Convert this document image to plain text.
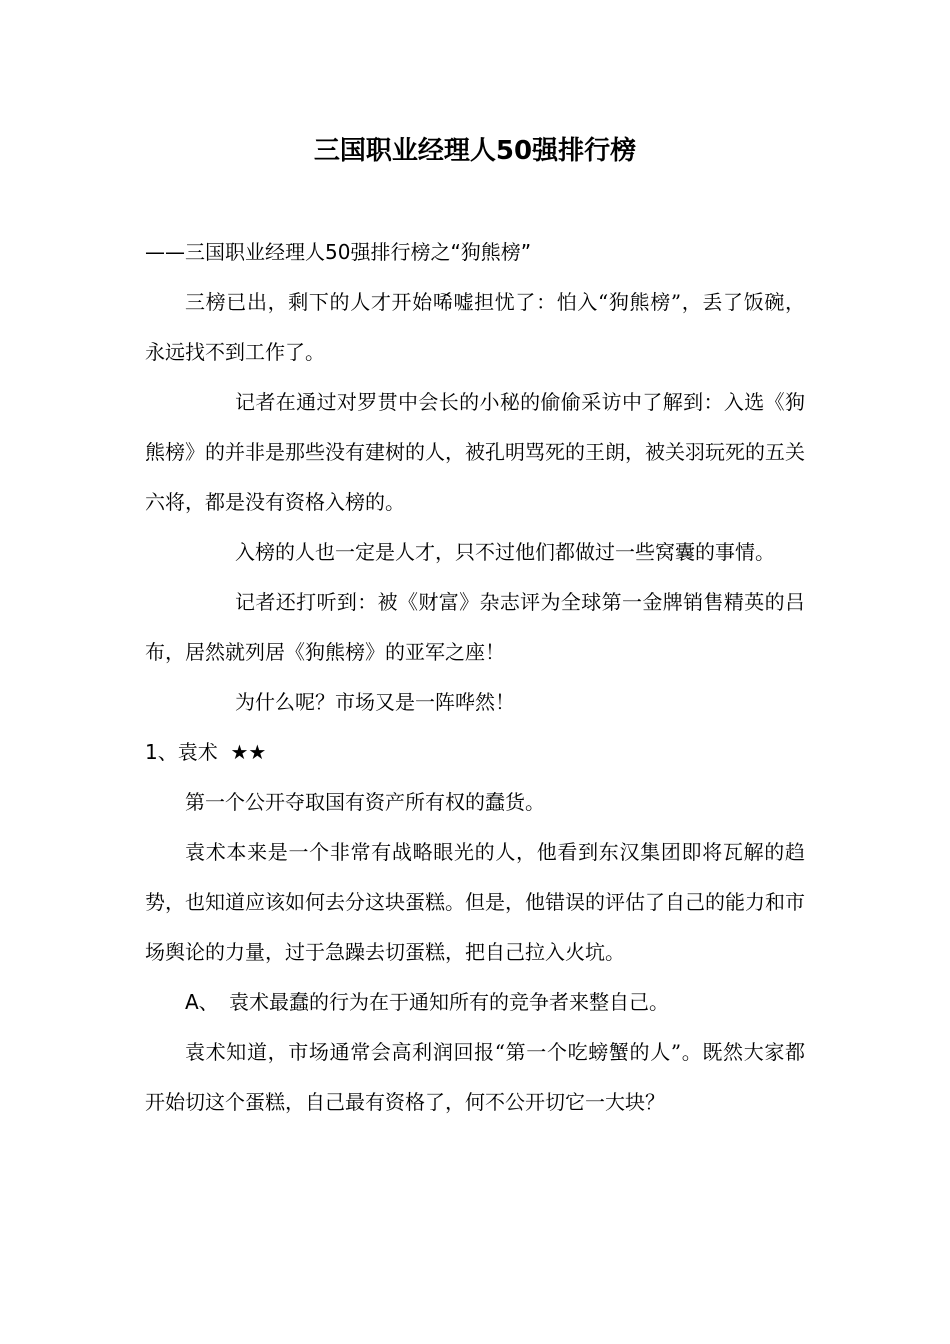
三国职业经理人50强排行榜

——三国职业经理人50强排行榜之“狗熊榜”

三榜已出，剩下的人才开始唏嘘担忧了：怕入“狗熊榜”，丢了饭碗，永远找不到工作了。

记者在通过对罗贯中会长的小秘的偷偷采访中了解到：入选《狗熊榜》的并非是那些没有建树的人，被孔明骂死的王朗，被关羽玩死的五关六将，都是没有资格入榜的。

入榜的人也一定是人才，只不过他们都做过一些窝囊的事情。

记者还打听到：被《财富》杂志评为全球第一金牌销售精英的吕布，居然就列居《狗熊榜》的亚军之座！

为什么呢？市场又是一阵哗然！

1、袁术 ★★

第一个公开夺取国有资产所有权的蠢货。

袁术本来是一个非常有战略眼光的人，他看到东汉集团即将瓦解的趋势，也知道应该如何去分这块蛋糕。但是，他错误的评估了自己的能力和市场舆论的力量，过于急躁去切蛋糕，把自己拉入火坑。

A、 袁术最蠢的行为在于通知所有的竞争者来整自己。

袁术知道，市场通常会高利润回报“第一个吃螃蟹的人”。既然大家都开始切这个蛋糕，自己最有资格了，何不公开切它一大块？
